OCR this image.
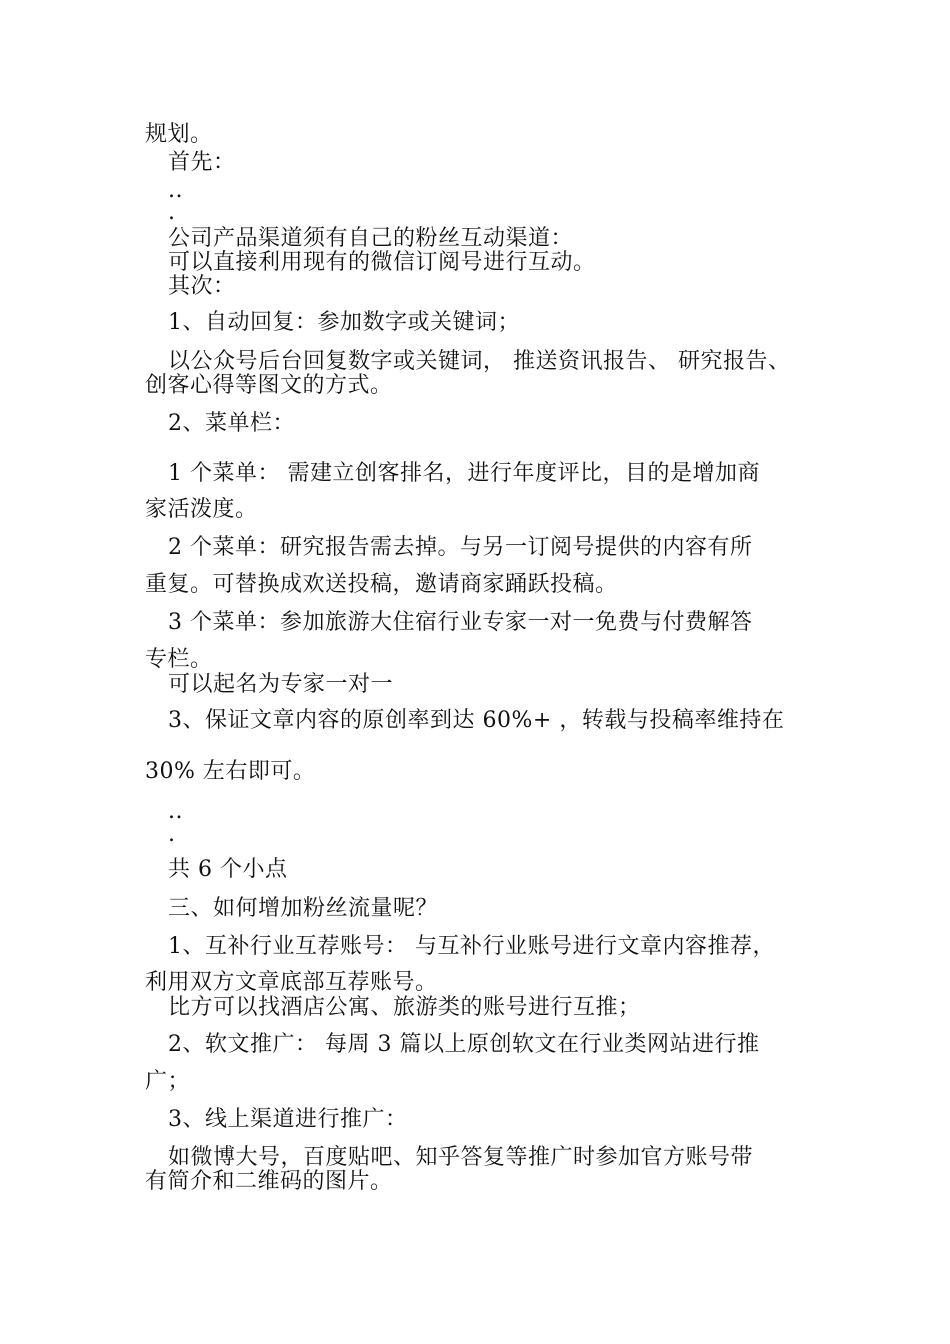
规划。

首先：

..

.

公司产品渠道须有自己的粉丝互动渠道：

可以直接利用现有的微信订阅号进行互动。

其次：

1、自动回复：参加数字或关键词；

以公众号后台回复数字或关键词， 推送资讯报告、 研究报告、

创客心得等图文的方式。

2、菜单栏：

1 个菜单： 需建立创客排名，进行年度评比，目的是增加商

家活泼度。

2 个菜单：研究报告需去掉。与另一订阅号提供的内容有所

重复。可替换成欢送投稿，邀请商家踊跃投稿。

3 个菜单：参加旅游大住宿行业专家一对一免费与付费解答

专栏。

可以起名为专家一对一

3、保证文章内容的原创率到达 60%+ ，转载与投稿率维持在

30% 左右即可。

..

.

共 6 个小点

三、如何增加粉丝流量呢？

1、互补行业互荐账号： 与互补行业账号进行文章内容推荐，

利用双方文章底部互荐账号。

比方可以找酒店公寓、旅游类的账号进行互推；

2、软文推广： 每周 3 篇以上原创软文在行业类网站进行推

广；

3、线上渠道进行推广：

如微博大号，百度贴吧、知乎答复等推广时参加官方账号带

有简介和二维码的图片。
